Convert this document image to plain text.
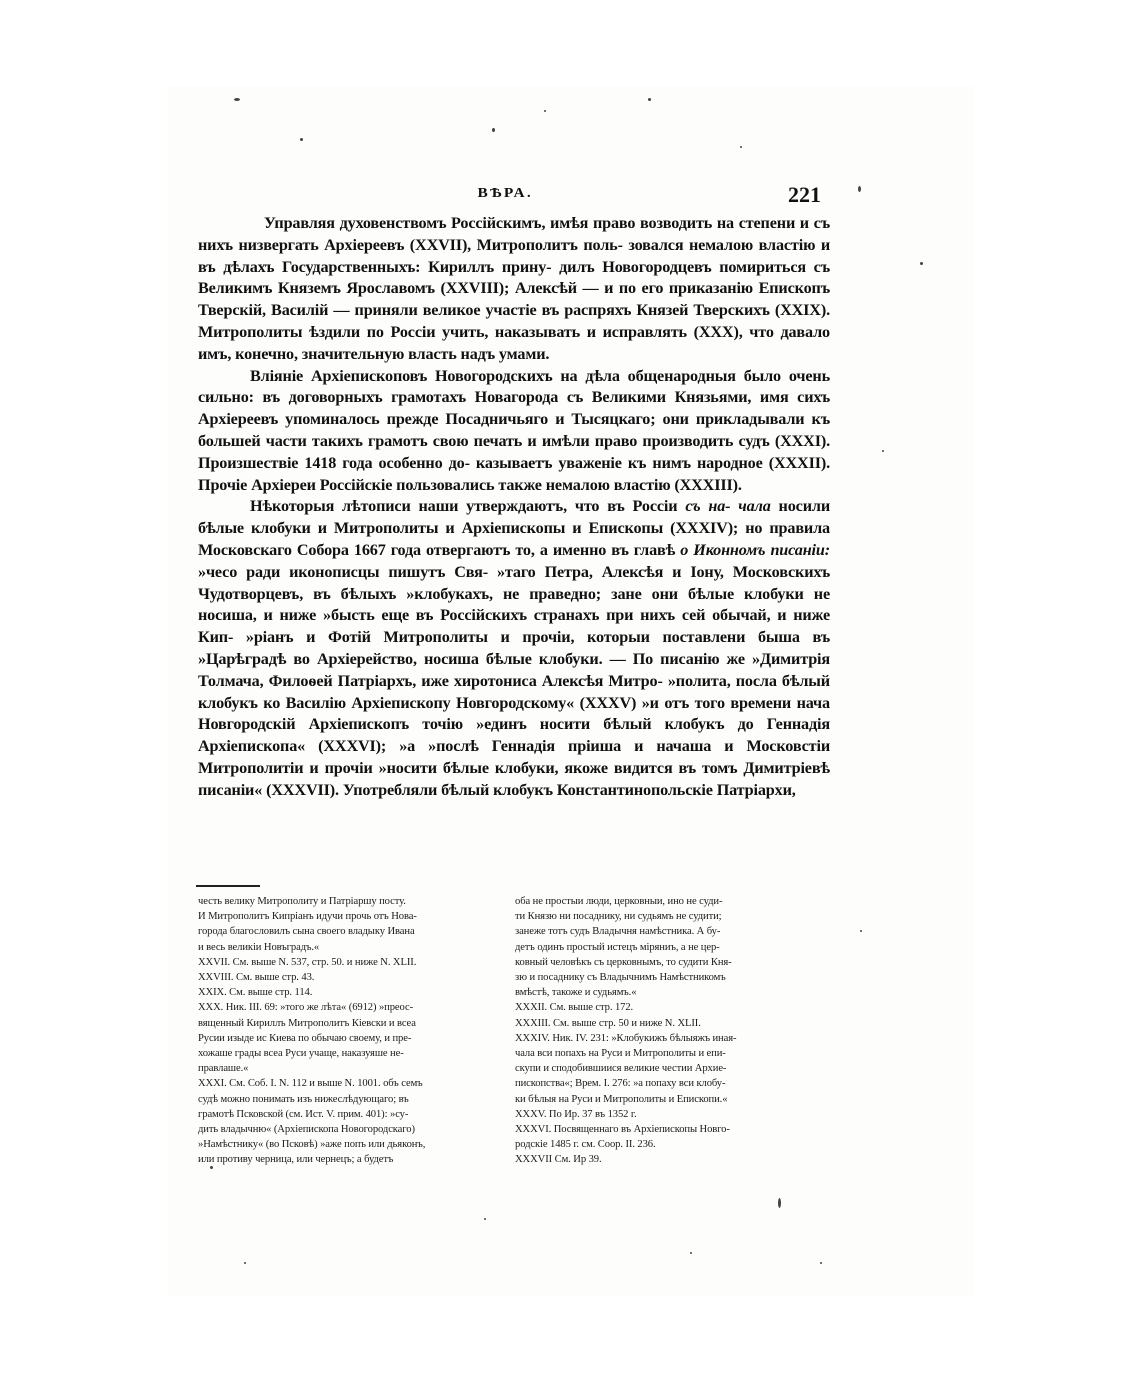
ВѢРА.	221

Управляя духовенствомъ Россійскимъ, имѣя право возводить на степени и съ нихъ низвергать Архіереевъ (XXVII), Митрополитъ поль- зовался немалою властію и въ дѣлахъ Государственныхъ: Кириллъ прину- дилъ Новогородцевъ помириться съ Великимъ Княземъ Ярославомъ (XXVIII); Алексѣй — и по его приказанію Епископъ Тверскій, Василій — приняли великое участіе въ распряхъ Князей Тверскихъ (XXIX). Митрополиты ѣздили по Россіи учить, наказывать и исправлять (XXX), что давало имъ, конечно, значительную власть надъ умами.

Вліяніе Архіепископовъ Новогородскихъ на дѣла общенародныя было очень сильно: въ договорныхъ грамотахъ Новагорода съ Великими Князьями, имя сихъ Архіереевъ упоминалось прежде Посадничьяго и Тысяцкаго; они прикладывали къ большей части такихъ грамотъ свою печать и имѣли право производить судъ (XXXI). Произшествіе 1418 года особенно до- казываетъ уваженіе къ нимъ народное (XXXII). Прочіе Архіереи Россійскіе пользовались также немалою властію (XXXIII).

Нѣкоторыя лѣтописи наши утверждаютъ, что въ Россіи съ на- чала носили бѣлые клобуки и Митрополиты и Архіепископы и Епископы (XXXIV); но правила Московскаго Собора 1667 года отвергаютъ то, а именно въ главѣ о Иконномъ писаніи: »чесо ради иконописцы пишутъ Свя- »таго Петра, Алексѣя и Іону, Московскихъ Чудотворцевъ, въ бѣлыхъ »клобукахъ, не праведно; зане они бѣлые клобуки не носиша, и ниже »бысть еще въ Россійскихъ странахъ при нихъ сей обычай, и ниже Кип- »ріанъ и Фотій Митрополиты и прочіи, которыи поставлени быша въ »Царѣградѣ во Архіерейство, носиша бѣлые клобуки. — По писанію же »Димитрія Толмача, Филоѳей Патріархъ, иже хиротониса Алексѣя Митро- »полита, посла бѣлый клобукъ ко Василію Архіепископу Новгородскому« (XXXV) »и отъ того времени нача Новгородскій Архіепископъ точію »единъ носити бѣлый клобукъ до Геннадія Архіепископа« (XXXVI); »а »послѣ Геннадія пріиша и начаша и Московстіи Митрополитіи и прочіи »носити бѣлые клобуки, якоже видится въ томъ Димитріевѣ писаніи« (XXXVII). Употребляли бѣлый клобукъ Константинопольскіе Патріархи,

честь велику Митрополиту и Патріаршу посту.
И Митрополитъ Кипріанъ идучи прочь отъ Нова-
города благословилъ сына своего владыку Ивана
и весь великіи Новъградъ.«
XXVII. См. выше N. 537, стр. 50. и ниже N. XLII.
XXVIII. См. выше стр. 43.
XXIX. См. выше стр. 114.
XXX. Ник. III. 69: »того же лѣта« (6912) »преос-
вященный Кириллъ Митрополитъ Кіевски и всеа
Русии изыде ис Киева по обычаю своему, и пре-
хожаше грады всеа Руси учаще, наказуяше не-
правлаше.«
XXXI. См. Соб. I. N. 112 и выше N. 1001. объ семъ
судѣ можно понимать изъ нижеслѣдующаго; въ
грамотѣ Псковской (см. Ист. V. прим. 401): »су-
дить владычню« (Архіепископа Новогородскаго)
»Намѣстнику« (во Псковѣ) »аже попъ или дьяконъ,
или противу черница, или чернецъ; а будетъ
оба не простыи люди, церковныи, ино не суди-
ти Князю ни посаднику, ни судьямъ не судити;
занеже тотъ судъ Владычня намѣстника. А бу-
детъ одинъ простый истецъ міряниъ, а не цер-
ковный человѣкъ съ церковнымъ, то судити Кня-
зю и посаднику съ Владычнимъ Намѣстникомъ
вмѣстѣ, такоже и судьямъ.«
XXXII. См. выше стр. 172.
XXXIII. См. выше стр. 50 и ниже N. XLII.
XXXIV. Ник. IV. 231: »Клобукижъ бѣлыяжъ иная-
чала вси попахъ на Руси и Митрополиты и епи-
скупи и сподобившиися великие честии Архие-
пископства«; Врем. I. 276: »а попаху вси клобу-
ки бѣлыя на Руси и Митрополиты и Епископи.«
XXXV. По Ир. 37 въ 1352 г.
XXXVI. Посвященнаго въ Архіепископы Новго-
родскіе 1485 г. см. Соор. II. 236.
XXXVII См. Ир 39.
